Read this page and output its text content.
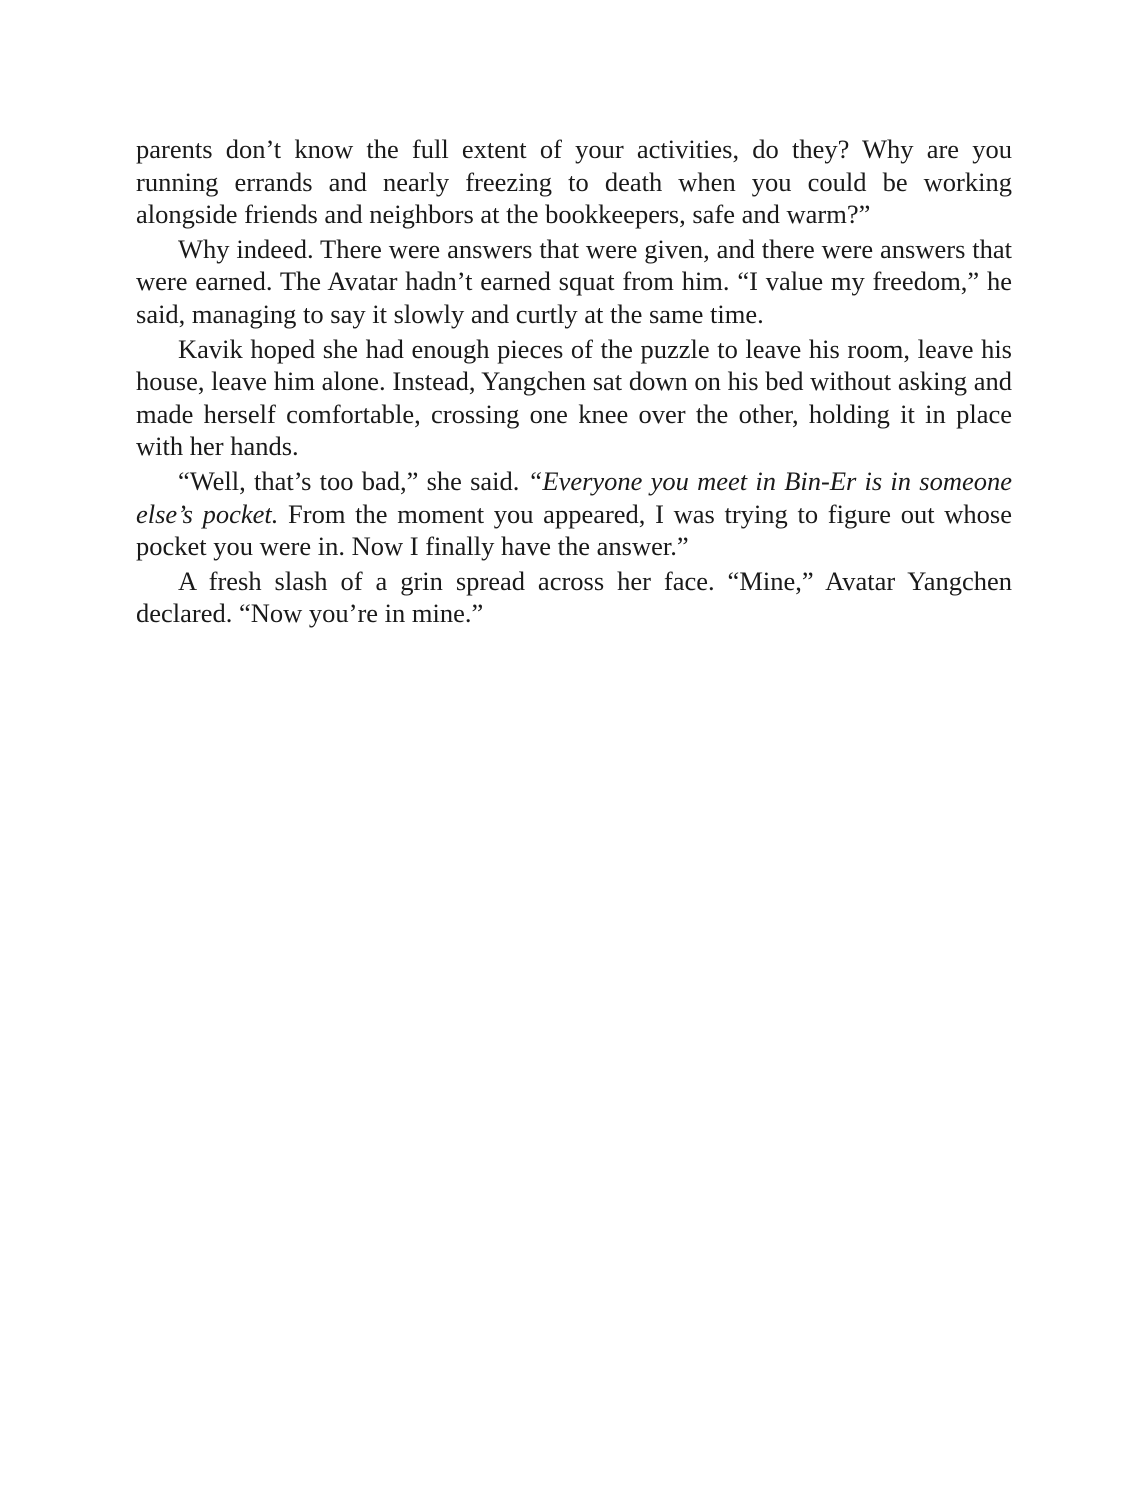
parents don’t know the full extent of your activities, do they? Why are you running errands and nearly freezing to death when you could be working alongside friends and neighbors at the bookkeepers, safe and warm?”

Why indeed. There were answers that were given, and there were answers that were earned. The Avatar hadn’t earned squat from him. “I value my freedom,” he said, managing to say it slowly and curtly at the same time.

Kavik hoped she had enough pieces of the puzzle to leave his room, leave his house, leave him alone. Instead, Yangchen sat down on his bed without asking and made herself comfortable, crossing one knee over the other, holding it in place with her hands.

“Well, that’s too bad,” she said. “Everyone you meet in Bin-Er is in someone else’s pocket. From the moment you appeared, I was trying to figure out whose pocket you were in. Now I finally have the answer.”

A fresh slash of a grin spread across her face. “Mine,” Avatar Yangchen declared. “Now you’re in mine.”
